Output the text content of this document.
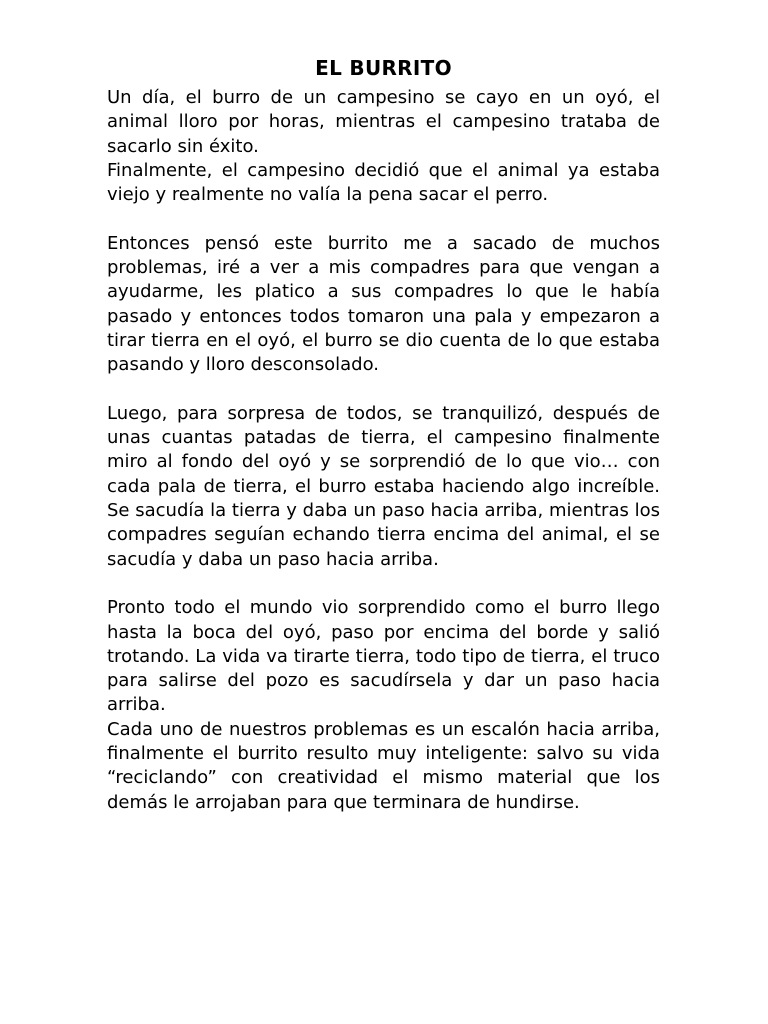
EL BURRITO

Un día, el burro de un campesino se cayo en un oyó, el animal lloro por horas, mientras el campesino trataba de sacarlo sin éxito.

Finalmente, el campesino decidió que el animal ya estaba viejo y realmente no valía la pena sacar el perro.

Entonces pensó este burrito me a sacado de muchos problemas, iré a ver a mis compadres para que vengan a ayudarme, les platico a sus compadres lo que le había pasado y entonces todos tomaron una pala y empezaron a tirar tierra en el oyó, el burro se dio cuenta de lo que estaba pasando y lloro desconsolado.

Luego, para sorpresa de todos, se tranquilizó, después de unas cuantas patadas de tierra, el campesino finalmente miro al fondo del oyó y se sorprendió de lo que vio… con cada pala de tierra, el burro estaba haciendo algo increíble. Se sacudía la tierra y daba un paso hacia arriba, mientras los compadres seguían echando tierra encima del animal, el se sacudía y daba un paso hacia arriba.

Pronto todo el mundo vio sorprendido como el burro llego hasta la boca del oyó, paso por encima del borde y salió trotando. La vida va tirarte tierra, todo tipo de tierra, el truco para salirse del pozo es sacudírsela y dar un paso hacia arriba.

Cada uno de nuestros problemas es un escalón hacia arriba, finalmente el burrito resulto muy inteligente: salvo su vida “reciclando” con creatividad el mismo material que los demás le arrojaban para que terminara de hundirse.
